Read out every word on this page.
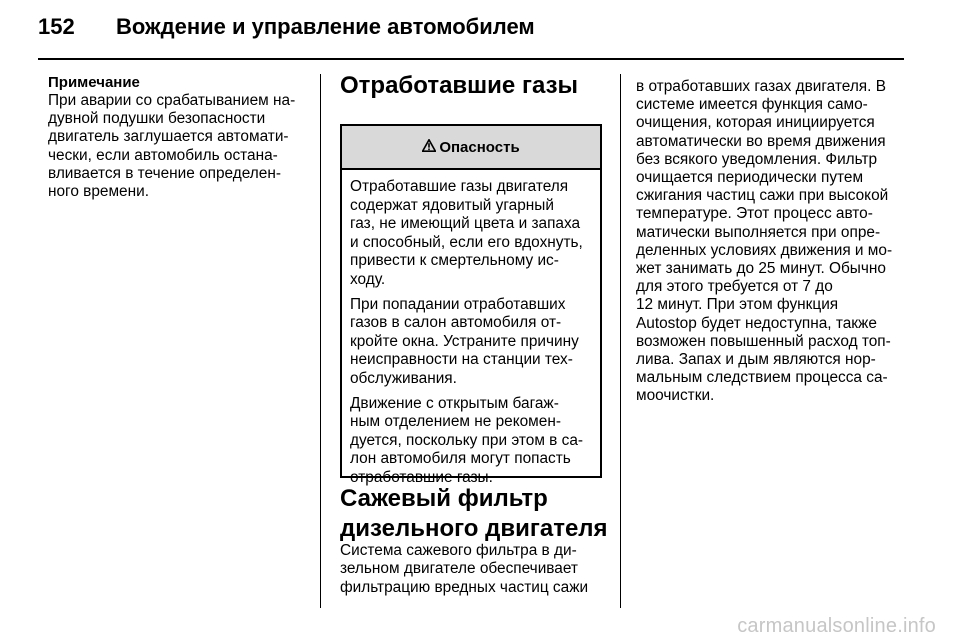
152	Вождение и управление автомобилем
Примечание
При аварии со срабатыванием на-
дувной подушки безопасности
двигатель заглушается автомати-
чески, если автомобиль остана-
вливается в течение определен-
ного времени.
Отработавшие газы
Опасность
Отработавшие газы двигателя
содержат ядовитый угарный
газ, не имеющий цвета и запаха
и способный, если его вдохнуть,
привести к смертельному ис-
ходу.
При попадании отработавших
газов в салон автомобиля от-
кройте окна. Устраните причину
неисправности на станции тех-
обслуживания.
Движение с открытым багаж-
ным отделением не рекомен-
дуется, поскольку при этом в са-
лон автомобиля могут попасть
отработавшие газы.
Сажевый фильтр
дизельного двигателя
Система сажевого фильтра в ди-
зельном двигателе обеспечивает
фильтрацию вредных частиц сажи
в отработавших газах двигателя. В
системе имеется функция само-
очищения, которая инициируется
автоматически во время движения
без всякого уведомления. Фильтр
очищается периодически путем
сжигания частиц сажи при высокой
температуре. Этот процесс авто-
матически выполняется при опре-
деленных условиях движения и мо-
жет занимать до 25 минут. Обычно
для этого требуется от 7 до
12 минут. При этом функция
Autostop будет недоступна, также
возможен повышенный расход топ-
лива. Запах и дым являются нор-
мальным следствием процесса са-
моочистки.
carmanualsonline.info
